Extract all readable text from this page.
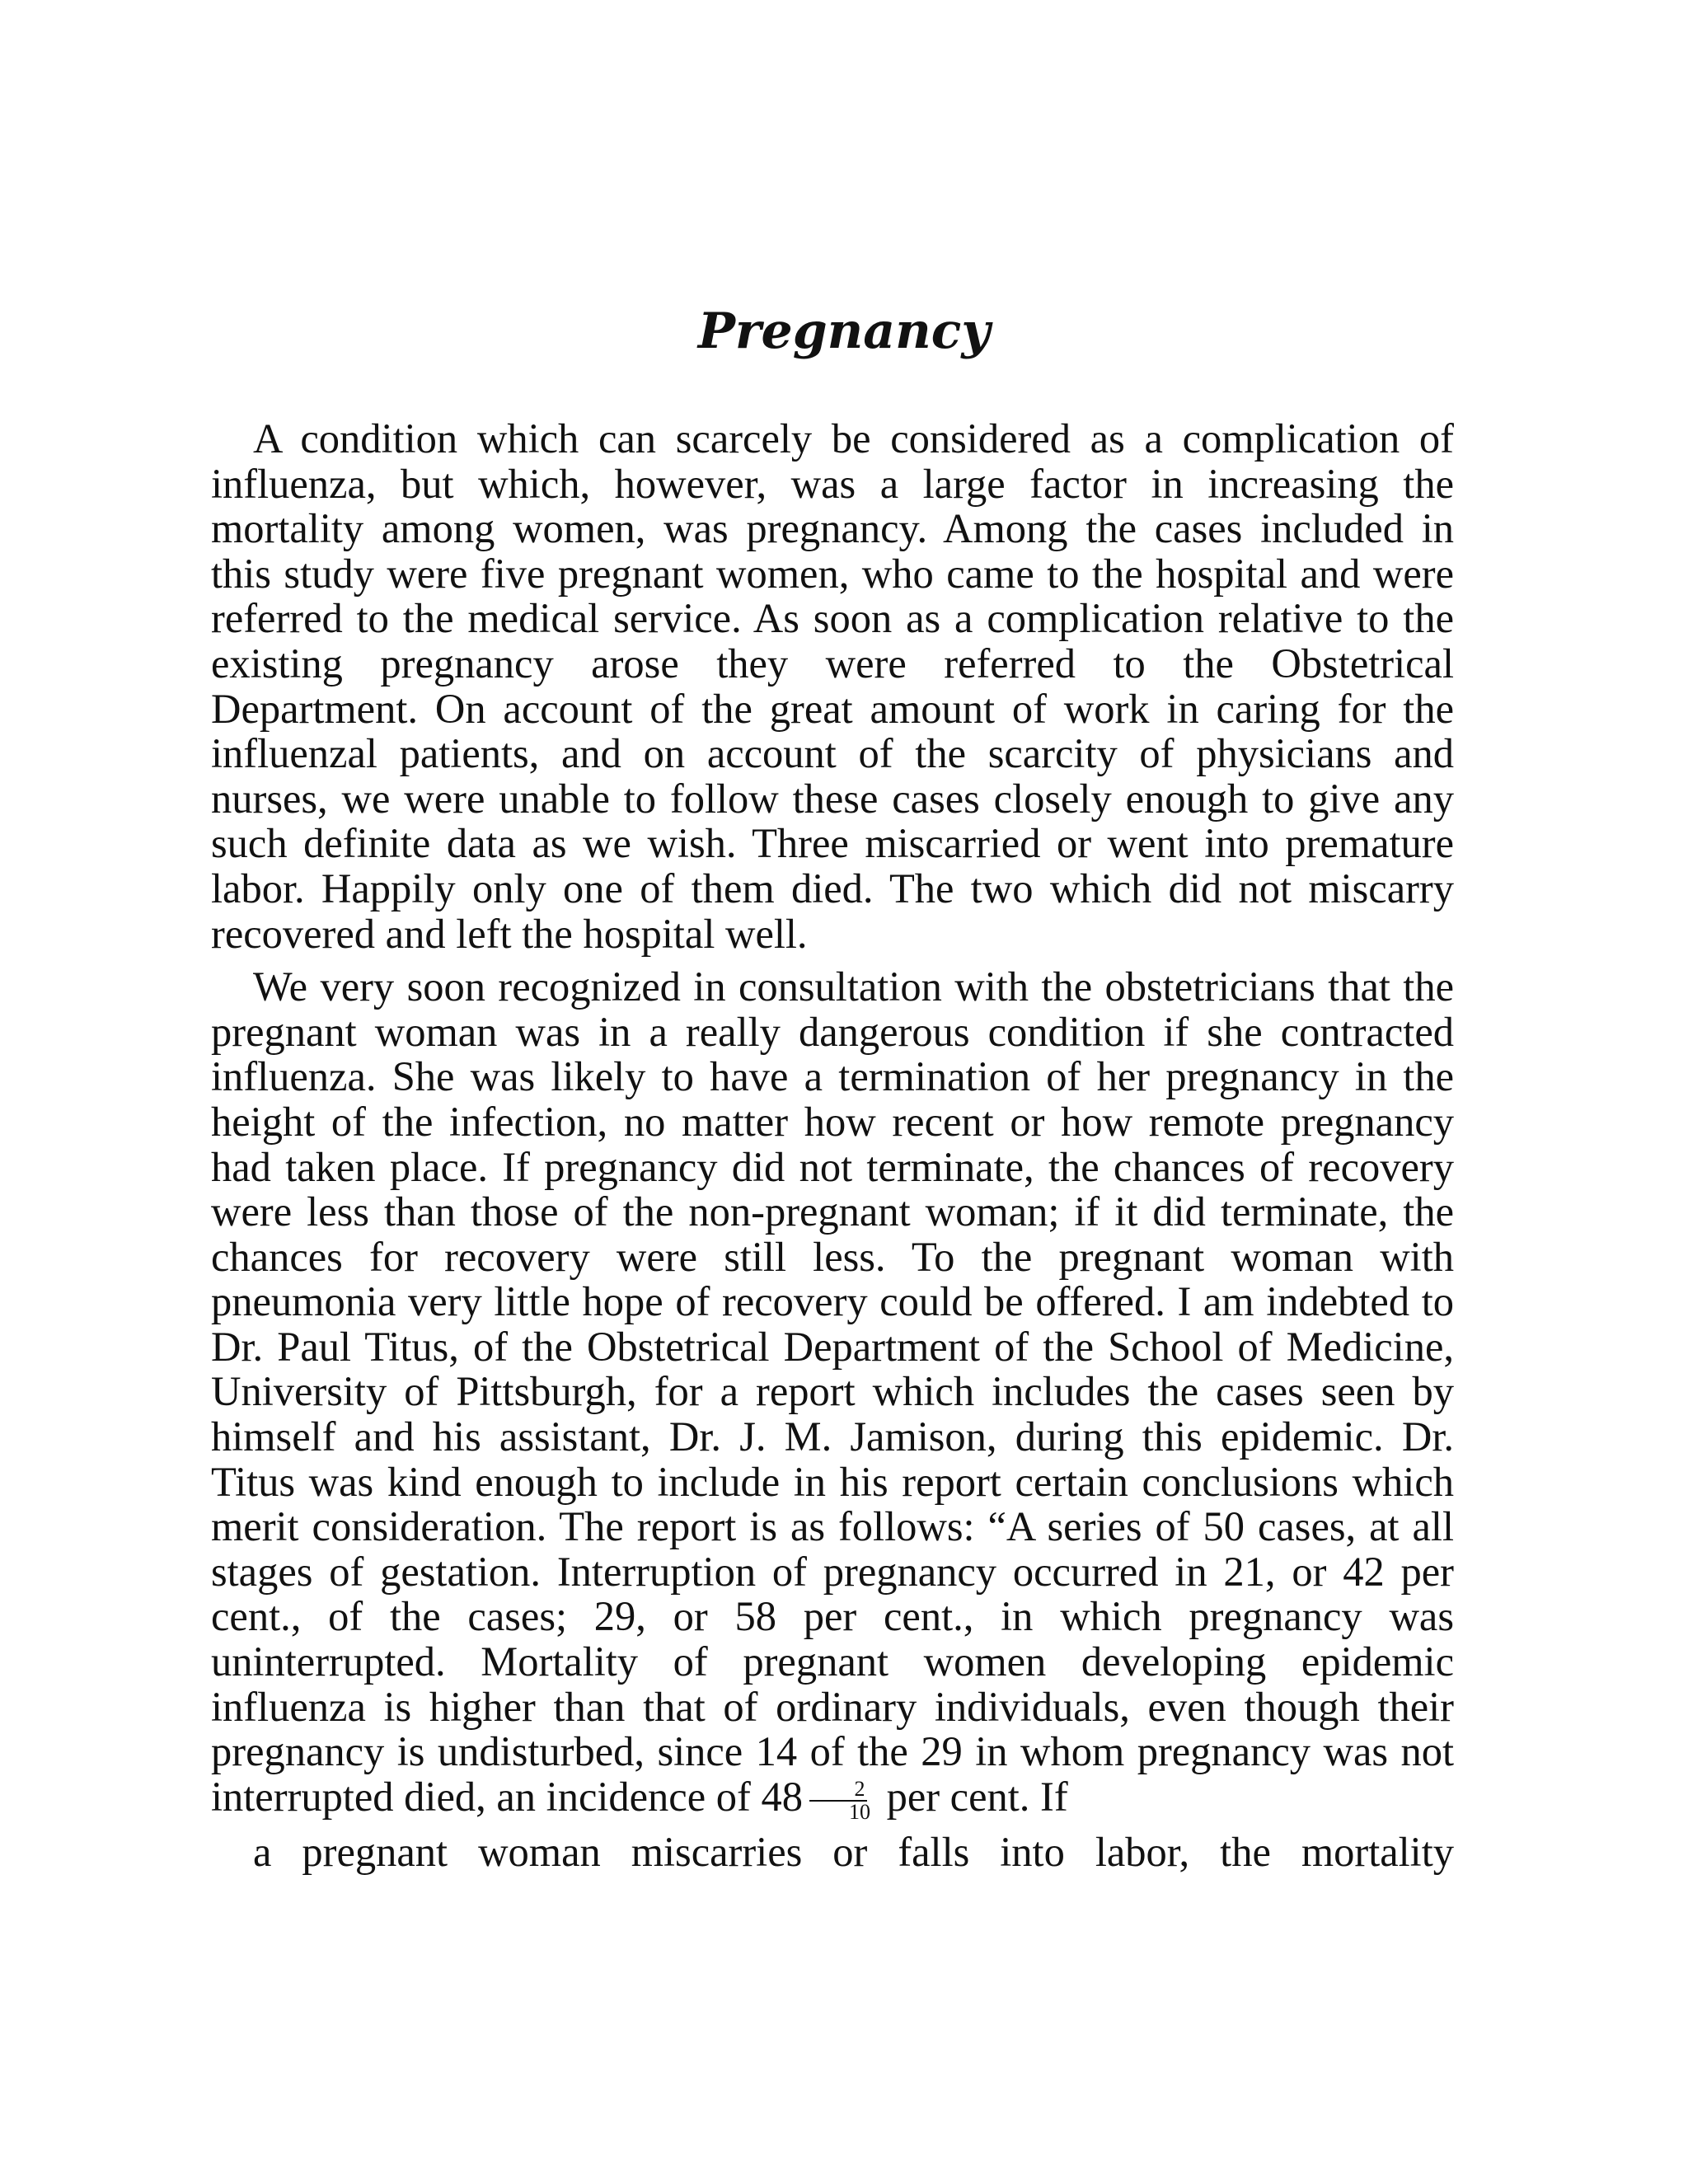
Pregnancy

A condition which can scarcely be considered as a complication of influenza, but which, however, was a large factor in increasing the mortality among women, was pregnancy. Among the cases included in this study were five pregnant women, who came to the hospital and were referred to the medical service. As soon as a complication relative to the existing pregnancy arose they were referred to the Obstetrical Department. On account of the great amount of work in caring for the influenzal patients, and on account of the scarcity of physicians and nurses, we were unable to follow these cases closely enough to give any such definite data as we wish. Three miscarried or went into premature labor. Happily only one of them died. The two which did not miscarry recovered and left the hospital well.

We very soon recognized in consultation with the obstetricians that the pregnant woman was in a really dangerous condition if she contracted influenza. She was likely to have a termination of her pregnancy in the height of the infection, no matter how recent or how remote pregnancy had taken place. If pregnancy did not terminate, the chances of recovery were less than those of the non-pregnant woman; if it did terminate, the chances for recovery were still less. To the pregnant woman with pneumonia very little hope of recovery could be offered. I am indebted to Dr. Paul Titus, of the Obstetrical Department of the School of Medicine, University of Pittsburgh, for a report which includes the cases seen by himself and his assistant, Dr. J. M. Jamison, during this epidemic. Dr. Titus was kind enough to include in his report certain conclusions which merit consideration. The report is as follows: “A series of 50 cases, at all stages of gestation. Interruption of pregnancy occurred in 21, or 42 per cent., of the cases; 29, or 58 per cent., in which pregnancy was uninterrupted. Mortality of pregnant women developing epidemic influenza is higher than that of ordinary individuals, even though their pregnancy is undisturbed, since 14 of the 29 in whom pregnancy was not interrupted died, an incidence of $48 \frac{2}{10}$ per cent. If
a pregnant woman miscarries or falls into labor, the mortality
